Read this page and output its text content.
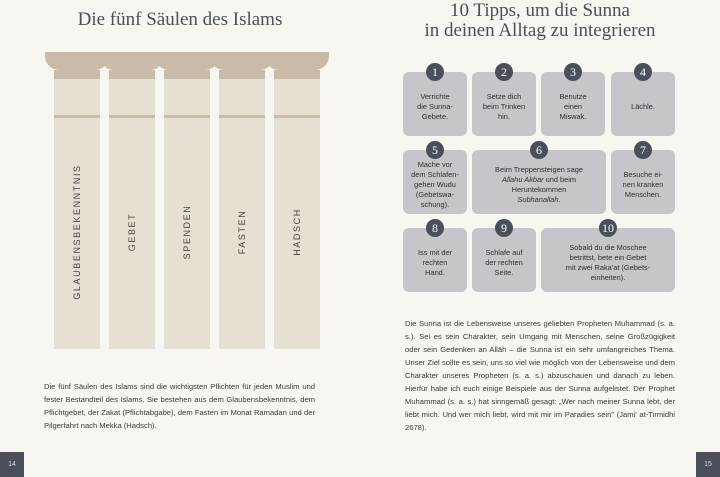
Die fünf Säulen des Islams
GLAUBENSBEKENNTNIS	GEBET	SPENDEN	FASTEN	HADSCH

Die fünf Säulen des Islams sind die wichtigsten Pflichten für jeden Muslim und fester Bestandteil des Islams. Sie bestehen aus dem Glaubensbekenntnis, dem Pflichtgebet, der Zakat (Pflichtabgabe), dem Fasten im Monat Ramadan und der Pilgerfahrt nach Mekka (Hadsch).

14
10 Tipps, um die Sunna
in deinen Alltag zu integrieren
Verrichte
die Sunna-
Gebete.
1
Setze dich
beim Trinken
hin.
2
Benutze
einen
Miswak.
3
Lächle.
4
Mache vor
dem Schlafen-
gehen Wudu
(Gebetswa-
schung).
5
Beim Treppensteigen sage
Allahu Akbar und beim
Heruntekommen
Subhanallah.
6
Besuche ei-
nen kranken
Menschen.
7
Iss mit der
rechten
Hand.
8
Schlafe auf
der rechten
Seite.
9
Sobald du die Moschee
betrittst, bete ein Gebet
mit zwei Raka'at (Gebets-
einheiten).
10

Die Sunna ist die Lebensweise unseres geliebten Propheten Muhammad (s. a. s.). Sei es sein Charakter, sein Umgang mit Menschen, seine Großzügigkeit oder sein Gedenken an Allāh – die Sunna ist ein sehr umfangreiches Thema. Unser Ziel sollte es sein, uns so viel wie möglich von der Lebensweise und dem Charakter unseres Propheten (s. a. s.) abzuschauen und danach zu leben. Hierfür habe ich euch einige Beispiele aus der Sunna aufgelistet. Der Prophet Muhammad (s. a. s.) hat sinngemäß gesagt: „Wer nach meiner Sunna lebt, der liebt mich. Und wer mich liebt, wird mit mir im Paradies sein" (Jami' at-Tirmidhi 2678).

15
